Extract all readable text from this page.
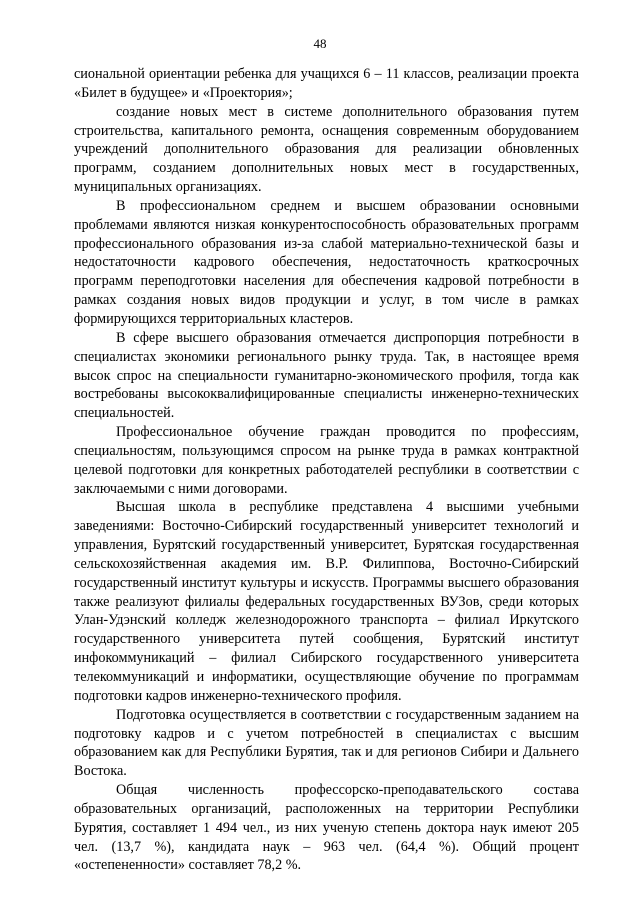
48

сиональной ориентации ребенка для учащихся 6 – 11 классов, реализации проекта «Билет в будущее» и «Проектория»;

создание новых мест в системе дополнительного образования путем строительства, капитального ремонта, оснащения современным оборудованием учреждений дополнительного образования для реализации обновленных программ, созданием дополнительных новых мест в государственных, муниципальных организациях.

В профессиональном среднем и высшем образовании основными проблемами являются низкая конкурентоспособность образовательных программ профессионального образования из-за слабой материально-технической базы и недостаточности кадрового обеспечения, недостаточность краткосрочных программ переподготовки населения для обеспечения кадровой потребности в рамках создания новых видов продукции и услуг, в том числе в рамках формирующихся территориальных кластеров.

В сфере высшего образования отмечается диспропорция потребности в специалистах экономики регионального рынку труда. Так, в настоящее время высок спрос на специальности гуманитарно-экономического профиля, тогда как востребованы высококвалифицированные специалисты инженерно-технических специальностей.

Профессиональное обучение граждан проводится по профессиям, специальностям, пользующимся спросом на рынке труда в рамках контрактной целевой подготовки для конкретных работодателей республики в соответствии с заключаемыми с ними договорами.

Высшая школа в республике представлена 4 высшими учебными заведениями: Восточно-Сибирский государственный университет технологий и управления, Бурятский государственный университет, Бурятская государственная сельскохозяйственная академия им. В.Р. Филиппова, Восточно-Сибирский государственный институт культуры и искусств. Программы высшего образования также реализуют филиалы федеральных государственных ВУЗов, среди которых Улан-Удэнский колледж железнодорожного транспорта – филиал Иркутского государственного университета путей сообщения, Бурятский институт инфокоммуникаций – филиал Сибирского государственного университета телекоммуникаций и информатики, осуществляющие обучение по программам подготовки кадров инженерно-технического профиля.

Подготовка осуществляется в соответствии с государственным заданием на подготовку кадров и с учетом потребностей в специалистах с высшим образованием как для Республики Бурятия, так и для регионов Сибири и Дальнего Востока.

Общая численность профессорско-преподавательского состава образовательных организаций, расположенных на территории Республики Бурятия, составляет 1 494 чел., из них ученую степень доктора наук имеют 205 чел. (13,7 %), кандидата наук – 963 чел. (64,4 %). Общий процент «остепененности» составляет 78,2 %.
